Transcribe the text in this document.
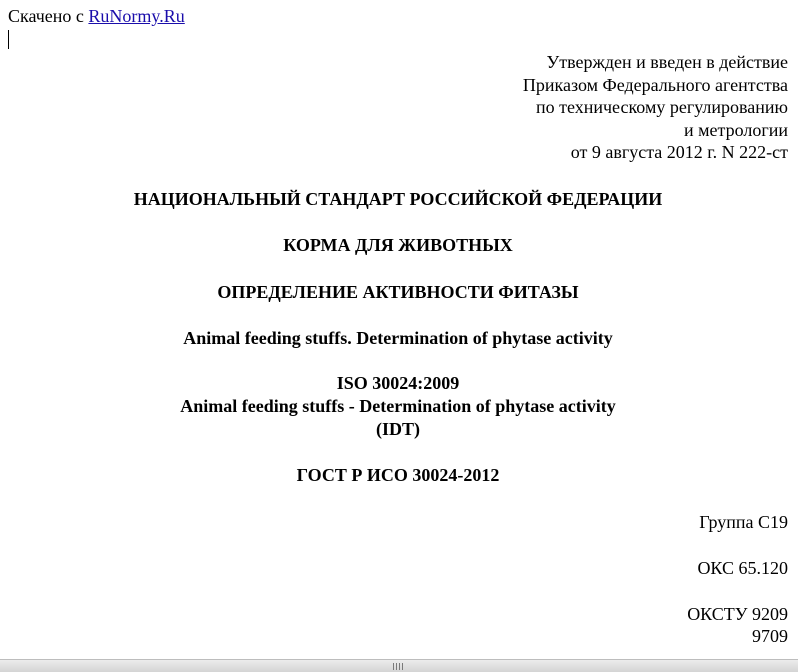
Скачено с RuNormy.Ru
Утвержден и введен в действие
Приказом Федерального агентства
по техническому регулированию
и метрологии
от 9 августа 2012 г. N 222-ст
НАЦИОНАЛЬНЫЙ СТАНДАРТ РОССИЙСКОЙ ФЕДЕРАЦИИ
КОРМА ДЛЯ ЖИВОТНЫХ
ОПРЕДЕЛЕНИЕ АКТИВНОСТИ ФИТАЗЫ
Animal feeding stuffs. Determination of phytase activity
ISO 30024:2009
Animal feeding stuffs - Determination of phytase activity
(IDT)
ГОСТ Р ИСО 30024-2012
Группа С19
ОКС 65.120
ОКСТУ 9209
9709
